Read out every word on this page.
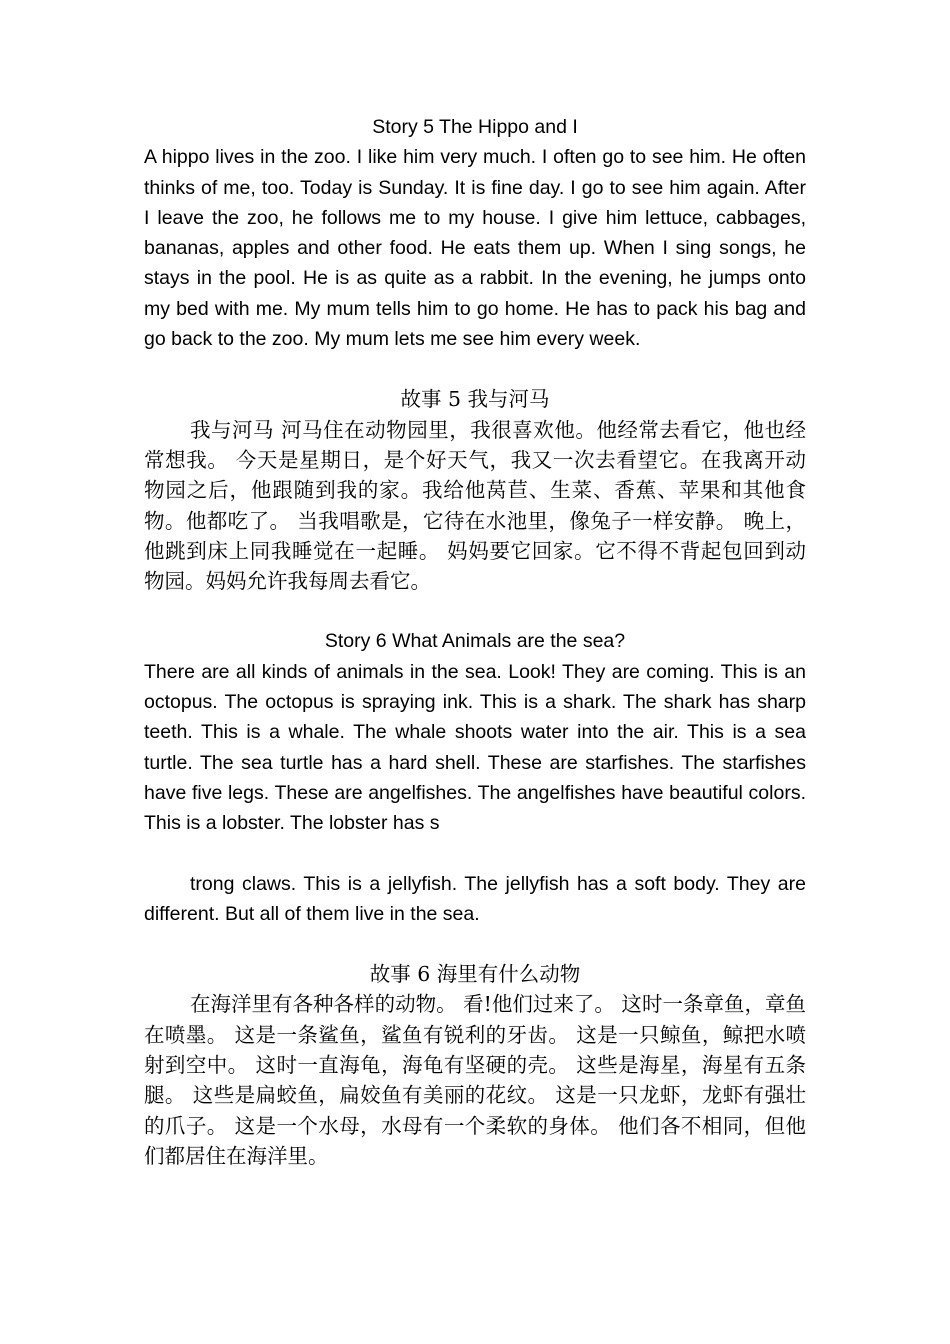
Story 5 The Hippo and I

A hippo lives in the zoo. I like him very much. I often go to see him. He often thinks of me, too. Today is Sunday. It is fine day. I go to see him again. After I leave the zoo, he follows me to my house. I give him lettuce, cabbages, bananas, apples and other food. He eats them up. When I sing songs, he stays in the pool. He is as quite as a rabbit. In the evening, he jumps onto my bed with me. My mum tells him to go home. He has to pack his bag and go back to the zoo. My mum lets me see him every week.

故事 5 我与河马

我与河马 河马住在动物园里，我很喜欢他。他经常去看它，他也经常想我。 今天是星期日，是个好天气，我又一次去看望它。在我离开动物园之后，他跟随到我的家。我给他莴苣、生菜、香蕉、苹果和其他食物。他都吃了。 当我唱歌是，它待在水池里，像兔子一样安静。 晚上，他跳到床上同我睡觉在一起睡。 妈妈要它回家。它不得不背起包回到动物园。妈妈允许我每周去看它。

Story 6 What Animals are the sea?

There are all kinds of animals in the sea. Look! They are coming. This is an octopus. The octopus is spraying ink. This is a shark. The shark has sharp teeth. This is a whale. The whale shoots water into the air. This is a sea turtle. The sea turtle has a hard shell. These are starfishes. The starfishes have five legs. These are angelfishes. The angelfishes have beautiful colors. This is a lobster. The lobster has s

trong claws. This is a jellyfish. The jellyfish has a soft body. They are different. But all of them live in the sea.

故事 6 海里有什么动物

在海洋里有各种各样的动物。 看!他们过来了。 这时一条章鱼，章鱼在喷墨。 这是一条鲨鱼，鲨鱼有锐利的牙齿。 这是一只鲸鱼，鲸把水喷射到空中。 这时一直海龟，海龟有坚硬的壳。 这些是海星，海星有五条腿。 这些是扁蛟鱼，扁姣鱼有美丽的花纹。 这是一只龙虾，龙虾有强壮的爪子。 这是一个水母，水母有一个柔软的身体。 他们各不相同，但他们都居住在海洋里。
